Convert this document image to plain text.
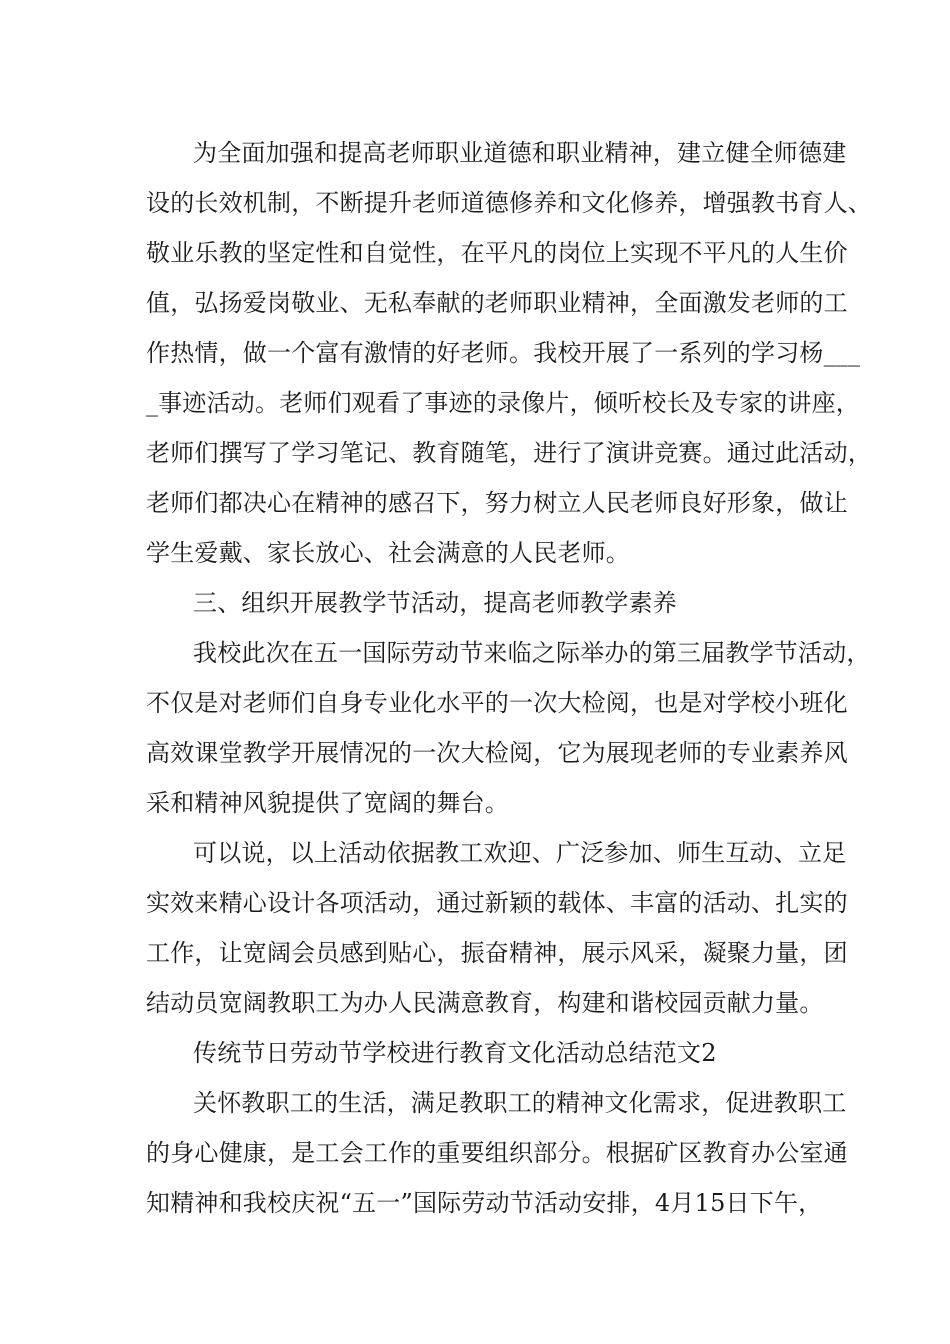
为全面加强和提高老师职业道德和职业精神，建立健全师德建
设的长效机制，不断提升老师道德修养和文化修养，增强教书育人、
敬业乐教的坚定性和自觉性，在平凡的岗位上实现不平凡的人生价
值，弘扬爱岗敬业、无私奉献的老师职业精神，全面激发老师的工
作热情，做一个富有激情的好老师。我校开展了一系列的学习杨___
_事迹活动。老师们观看了事迹的录像片，倾听校长及专家的讲座，
老师们撰写了学习笔记、教育随笔，进行了演讲竞赛。通过此活动，
老师们都决心在精神的感召下，努力树立人民老师良好形象，做让
学生爱戴、家长放心、社会满意的人民老师。
三、组织开展教学节活动，提高老师教学素养
我校此次在五一国际劳动节来临之际举办的第三届教学节活动，
不仅是对老师们自身专业化水平的一次大检阅，也是对学校小班化
高效课堂教学开展情况的一次大检阅，它为展现老师的专业素养风
采和精神风貌提供了宽阔的舞台。
可以说，以上活动依据教工欢迎、广泛参加、师生互动、立足
实效来精心设计各项活动，通过新颖的载体、丰富的活动、扎实的
工作，让宽阔会员感到贴心，振奋精神，展示风采，凝聚力量，团
结动员宽阔教职工为办人民满意教育，构建和谐校园贡献力量。
传统节日劳动节学校进行教育文化活动总结范文2
关怀教职工的生活，满足教职工的精神文化需求，促进教职工
的身心健康，是工会工作的重要组织部分。根据矿区教育办公室通
知精神和我校庆祝“五一”国际劳动节活动安排，4月15日下午，
